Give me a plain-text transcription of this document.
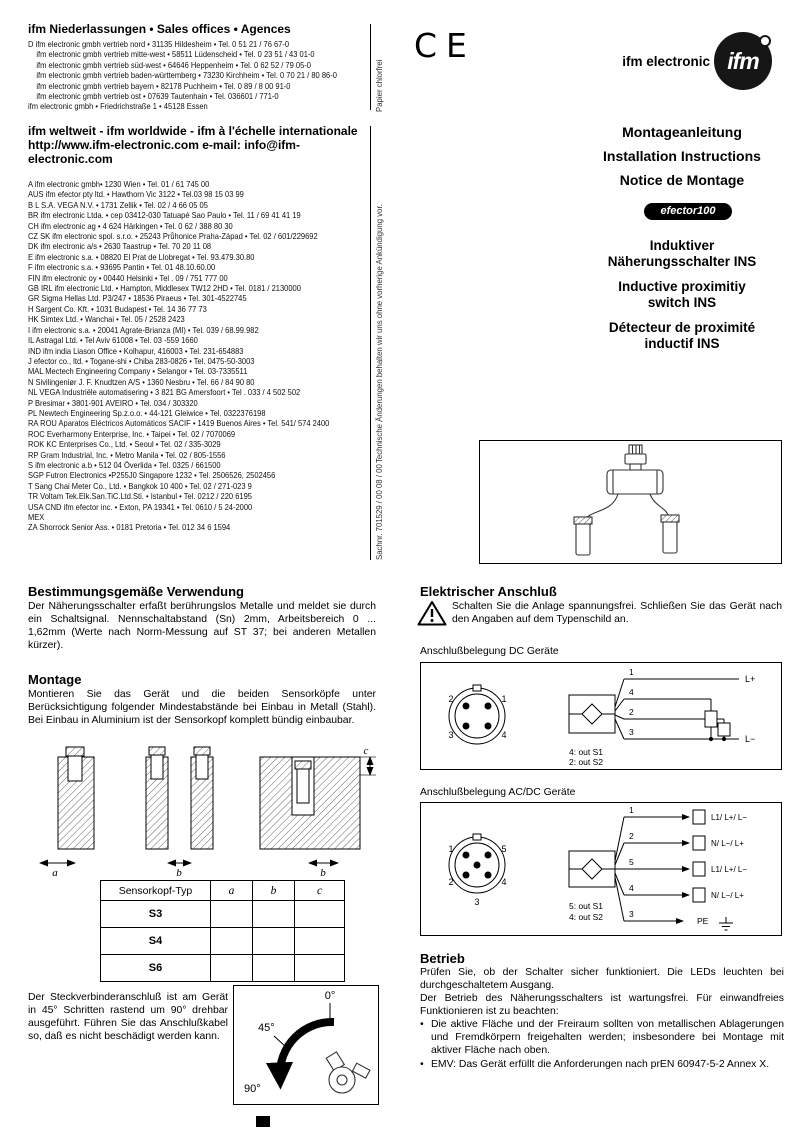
ifm Niederlassungen • Sales offices • Agences
D ifm electronic gmbh vertrieb nord • 31135 Hildesheim • Tel. 0 51 21 / 76 67-0
ifm electronic gmbh vertrieb mitte-west • 58511 Lüdenscheid • Tel. 0 23 51 / 43 01-0
ifm electronic gmbh vertrieb süd-west • 64646 Heppenheim • Tel. 0 62 52 / 79 05-0
ifm electronic gmbh vertrieb baden-württemberg • 73230 Kirchheim • Tel. 0 70 21 / 80 86-0
ifm electronic gmbh vertrieb bayern • 82178 Puchheim • Tel. 0 89 / 8 00 91-0
ifm electronic gmbh vertrieb ost • 07639 Tautenhain • Tel. 036601 / 771-0
ifm electronic gmbh • Friedrichstraße 1 • 45128 Essen
ifm weltweit - ifm worldwide - ifm à l'échelle internationale
http://www.ifm-electronic.com e-mail: info@ifm-electronic.com
A ifm electronic gmbh• 1230 Wien • Tel. 01 / 61 745 00
AUS ifm efector pty ltd. • Hawthorn Vic 3122 • Tel.03 98 15 03 99
B L S.A. VEGA N.V. • 1731 Zellik • Tel. 02 / 4 66 05 05
BR ifm electronic Ltda. • cep 03412-030 Tatuapé Sao Paulo • Tel. 11 / 69 41 41 19
CH ifm electronic ag • 4 624 Härkingen • Tel. 0 62 / 388 80 30
CZ SK ifm electronic spol. s.r.o. • 25243 Průhonice Praha-Západ • Tel. 02 / 601/229692
DK ifm electronic a/s • 2630 Taastrup • Tel. 70 20 11 08
E ifm electronic s.a. • 08820 El Prat de Llobregat • Tel. 93.479.30.80
F ifm electronic s.a. • 93695 Pantin • Tel. 01 48.10.60.00
FIN ifm electronic oy • 00440 Helsinki • Tel . 09 / 751 777 00
GB IRL ifm electronic Ltd. • Hampton, Middlesex TW12 2HD • Tel. 0181 / 2130000
GR Sigma Hellas Ltd. P3/247 • 18536 Piraeus • Tel. 301-4522745
H Sargent Co. Kft. • 1031 Budapest • Tel. 14 36 77 73
HK Simtex Ltd. • Wanchai • Tel. 05 / 2528 2423
I ifm electronic s.a. • 20041 Agrate-Brianza (MI) • Tel. 039 / 68.99.982
IL Astragal Ltd. • Tel Aviv 61008 • Tel. 03 -559 1660
IND ifm india Liason Office • Kolhapur, 416003 • Tel. 231-654883
J efector co., ltd. • Togane-shi • Chiba 283-0826 • Tel. 0475-50-3003
MAL Mectech Engineering Company • Selangor • Tel. 03-7335511
N Sivilingeniør J. F. Knudtzen A/S • 1360 Nesbru • Tel. 66 / 84 90 80
NL VEGA Industriële automatisering • 3 821 BG Amersfoort • Tel . 033 / 4 502 502
P Bresimar • 3801-901 AVEIRO • Tel. 034 / 303320
PL Newtech Engineering Sp.z.o.o. • 44-121 Gleiwice • Tel. 0322376198
RA ROU Aparatos Eléctricos Automáticos SACIF • 1419 Buenos Aires • Tel. 541/ 574 2400
ROC Everharmony Enterprise, Inc. • Taipei • Tel. 02 / 7070069
ROK KC Enterprises Co., Ltd. • Seoul • Tel. 02 / 335-3029
RP Gram Industrial, Inc. • Metro Manila • Tel. 02 / 805-1556
S ifm electronic a.b • 512 04 Överlida • Tel. 0325 / 661500
SGP Futron Electronics •P255J0 Singapore 1232 • Tel. 2506526, 2502456
T Sang Chai Meter Co., Ltd. • Bangkok 10 400 • Tel. 02 / 271-023 9
TR Voltam Tek.Elk.San.TiC.Ltd.Sti. • Istanbul • Tel. 0212 / 220 6195
USA CND ifm efector inc. • Exton, PA 19341 • Tel. 0610 / 5 24-2000
MEX
ZA Shorrock Senior Ass. • 0181 Pretoria • Tel. 012 34 6 1594
Papier chlorfrei
Technische Änderungen behalten wir uns ohne vorherige Ankündigung vor.
Sachnr. 701529 / 00 08 / 00
CE	ifm electronic ifm
Montageanleitung
Installation Instructions
Notice de Montage
efector100
Induktiver
Näherungsschalter INS
Inductive proximitiy
switch INS
Détecteur de proximité
inductif INS
Bestimmungsgemäße Verwendung

Der Näherungsschalter erfaßt berührungslos Metalle und meldet sie durch ein Schaltsignal. Nennschaltabstand (Sn) 2mm, Arbeitsbereich 0 ... 1,62mm (Werte nach Norm-Messung auf ST 37; bei anderen Metallen kürzer).

Montage

Montieren Sie das Gerät und die beiden Sensorköpfe unter Berücksichtigung folgender Mindestabstände bei Einbau in Metall (Stahl). Bei Einbau in Aluminium ist der Sensorkopf komplett bündig einbaubar.

a	b	b
c
Sensorkopf-Typ	a	b	c
S3			
S4			
S6			

Der Steckverbinderanschluß ist am Gerät in 45° Schritten rastend um 90° drehbar ausgeführt. Führen Sie das Anschlußkabel so, daß es nicht beschädigt werden kann.

0°
45°
90°
Elektrischer Anschluß

Schalten Sie die Anlage spannungsfrei. Schließen Sie das Gerät nach den Angaben auf dem Typenschild an.

Anschlußbelegung DC Geräte
2	1
3	4
1
4
2
3
L+
L−
4: out S1
2: out S2
Anschlußbelegung AC/DC Geräte
1	5
2	4
3
1
2
5
4
3
L1/ L+/ L−
N/ L−/ L+
L1/ L+/ L−
N/ L−/ L+
PE
5: out S1
4: out S2
Betrieb

Prüfen Sie, ob der Schalter sicher funktioniert. Die LEDs leuchten bei durchgeschaltetem Ausgang.

Der Betrieb des Näherungsschalters ist wartungsfrei. Für einwandfreies Funktionieren ist zu beachten:

• Die aktive Fläche und der Freiraum sollten von metallischen Ablagerungen und Fremdkörpern freigehalten werden; insbesondere bei Montage mit aktiver Fläche nach oben.
• EMV: Das Gerät erfüllt die Anforderungen nach prEN 60947-5-2 Annex X.
